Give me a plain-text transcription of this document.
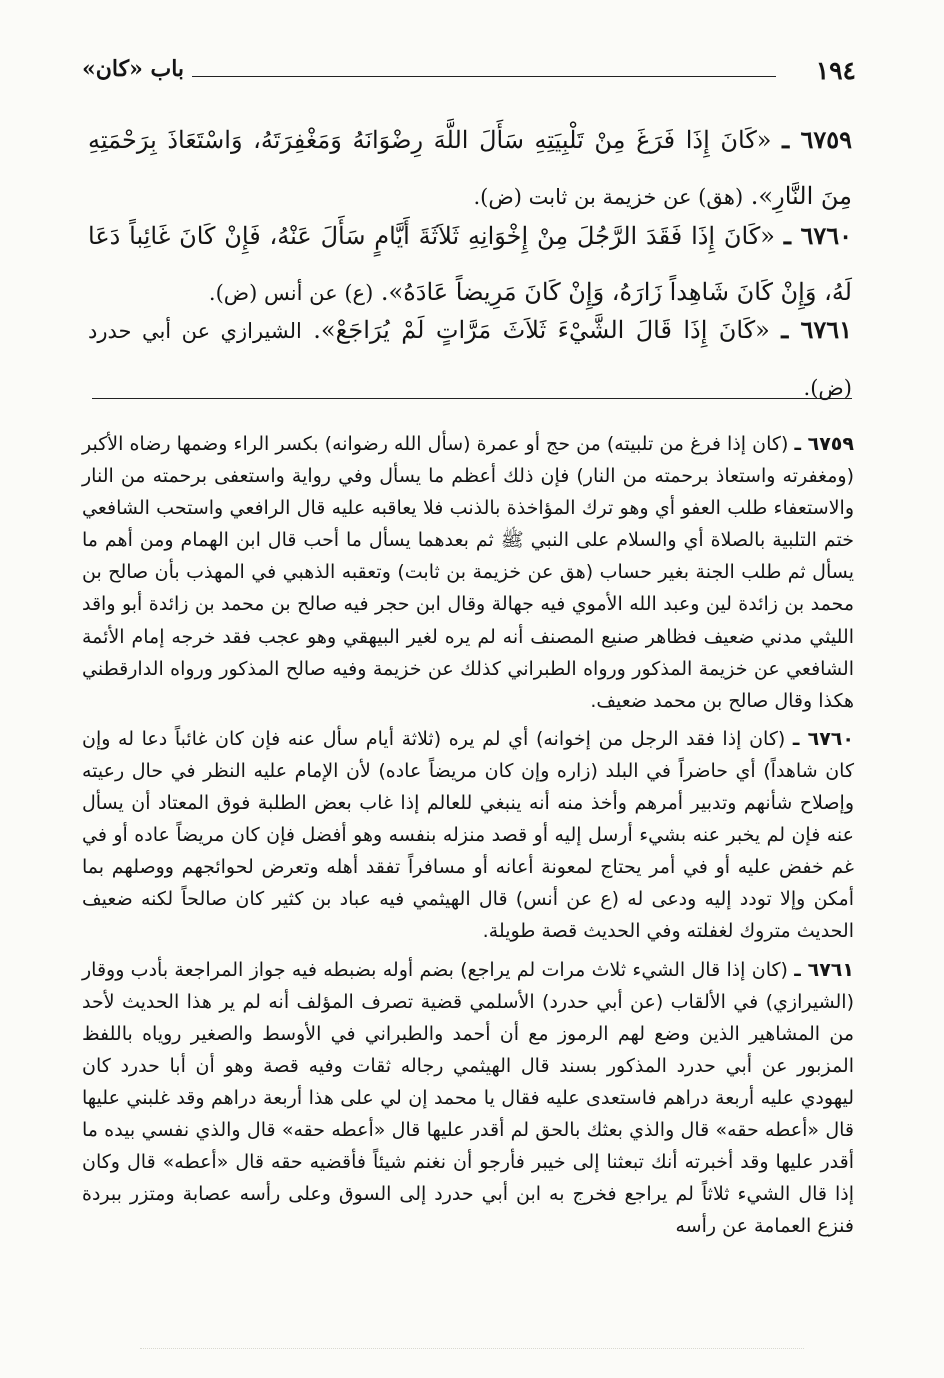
١٩٤
باب «كان»
٦٧٥٩ ـ «كَانَ إِذَا فَرَغَ مِنْ تَلْبِيَتِهِ سَأَلَ اللَّهَ رِضْوَانَهُ وَمَغْفِرَتَهُ، وَاسْتَعَاذَ بِرَحْمَتِهِ مِنَ النَّارِ». (هق) عن خزيمة بن ثابت (ض).
٦٧٦٠ ـ «كَانَ إِذَا فَقَدَ الرَّجُلَ مِنْ إِخْوَانِهِ ثَلاَثَةَ أَيَّامٍ سَأَلَ عَنْهُ، فَإِنْ كَانَ غَائِباً دَعَا لَهُ، وَإِنْ كَانَ شَاهِداً زَارَهُ، وَإِنْ كَانَ مَرِيضاً عَادَهُ». (ع) عن أنس (ض).
٦٧٦١ ـ «كَانَ إِذَا قَالَ الشَّيْءَ ثَلاَثَ مَرَّاتٍ لَمْ يُرَاجَعْ». الشيرازي عن أبي حدرد (ض).

٦٧٥٩ ـ (كان إذا فرغ من تلبيته) من حج أو عمرة (سأل الله رضوانه) بكسر الراء وضمها رضاه الأكبر (ومغفرته واستعاذ برحمته من النار) فإن ذلك أعظم ما يسأل وفي رواية واستعفى برحمته من النار والاستعفاء طلب العفو أي وهو ترك المؤاخذة بالذنب فلا يعاقبه عليه قال الرافعي واستحب الشافعي ختم التلبية بالصلاة أي والسلام على النبي ﷺ ثم بعدهما يسأل ما أحب قال ابن الهمام ومن أهم ما يسأل ثم طلب الجنة بغير حساب (هق عن خزيمة بن ثابت) وتعقبه الذهبي في المهذب بأن صالح بن محمد بن زائدة لين وعبد الله الأموي فيه جهالة وقال ابن حجر فيه صالح بن محمد بن زائدة أبو واقد الليثي مدني ضعيف فظاهر صنيع المصنف أنه لم يره لغير البيهقي وهو عجب فقد خرجه إمام الأئمة الشافعي عن خزيمة المذكور ورواه الطبراني كذلك عن خزيمة وفيه صالح المذكور ورواه الدارقطني هكذا وقال صالح بن محمد ضعيف.

٦٧٦٠ ـ (كان إذا فقد الرجل من إخوانه) أي لم يره (ثلاثة أيام سأل عنه فإن كان غائباً دعا له وإن كان شاهداً) أي حاضراً في البلد (زاره وإن كان مريضاً عاده) لأن الإمام عليه النظر في حال رعيته وإصلاح شأنهم وتدبير أمرهم وأخذ منه أنه ينبغي للعالم إذا غاب بعض الطلبة فوق المعتاد أن يسأل عنه فإن لم يخبر عنه بشيء أرسل إليه أو قصد منزله بنفسه وهو أفضل فإن كان مريضاً عاده أو في غم خفض عليه أو في أمر يحتاج لمعونة أعانه أو مسافراً تفقد أهله وتعرض لحوائجهم ووصلهم بما أمكن وإلا تودد إليه ودعى له (ع عن أنس) قال الهيثمي فيه عباد بن كثير كان صالحاً لكنه ضعيف الحديث متروك لغفلته وفي الحديث قصة طويلة.

٦٧٦١ ـ (كان إذا قال الشيء ثلاث مرات لم يراجع) بضم أوله بضبطه فيه جواز المراجعة بأدب ووقار (الشيرازي) في الألقاب (عن أبي حدرد) الأسلمي قضية تصرف المؤلف أنه لم ير هذا الحديث لأحد من المشاهير الذين وضع لهم الرموز مع أن أحمد والطبراني في الأوسط والصغير روياه باللفظ المزبور عن أبي حدرد المذكور بسند قال الهيثمي رجاله ثقات وفيه قصة وهو أن أبا حدرد كان ليهودي عليه أربعة دراهم فاستعدى عليه فقال يا محمد إن لي على هذا أربعة دراهم وقد غلبني عليها قال «أعطه حقه» قال والذي بعثك بالحق لم أقدر عليها قال «أعطه حقه» قال والذي نفسي بيده ما أقدر عليها وقد أخبرته أنك تبعثنا إلى خيبر فأرجو أن نغنم شيئاً فأقضيه حقه قال «أعطه» قال وكان إذا قال الشيء ثلاثاً لم يراجع فخرج به ابن أبي حدرد إلى السوق وعلى رأسه عصابة ومتزر ببردة فنزع العمامة عن رأسه
